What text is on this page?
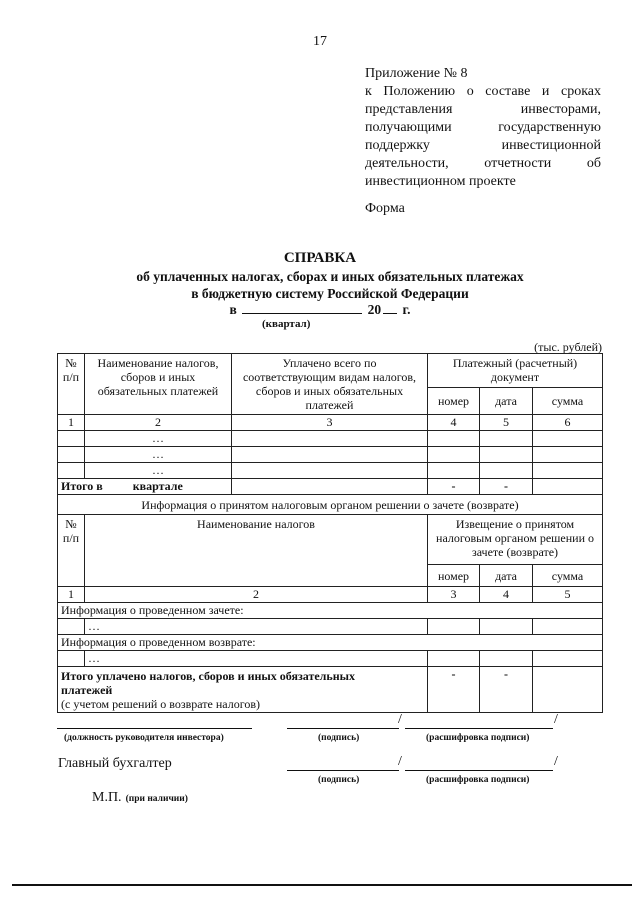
17
Приложение № 8
к Положению о составе и сроках
представления инвесторами,
получающими государственную
поддержку инвестиционной
деятельности, отчетности об
инвестиционном проекте
Форма
СПРАВКА
об уплаченных налогах, сборах и иных обязательных платежах
в бюджетную систему Российской Федерации
в	20 г.
(квартал)
(тыс. рублей)
№ п/п	Наименование налогов, сборов и иных обязательных платежей	Уплачено всего по соответствующим видам налогов, сборов и иных обязательных платежей	Платежный (расчетный) документ		
			номер	дата	сумма
1	2	3	4	5	6
	…				
	…				
	…				
Итого в квартале			-	-	
Информация о принятом налоговым органом решении о зачете (возврате)					
№ п/п	Наименование налогов		Извещение о принятом налоговым органом решении о зачете (возврате)		
			номер	дата	сумма
1	2		3	4	5
Информация о проведенном зачете:					
	…				
Информация о проведенном возврате:					
	…				

Итого уплачено налогов, сборов и иных обязательных платежей
(с учетом решений о возврате налогов)			-	-	
(должность руководителя инвестора)
/	/
(подпись)	(расшифровка подписи)
Главный бухгалтер	/	/
(подпись)	(расшифровка подписи)
М.П. (при наличии)
